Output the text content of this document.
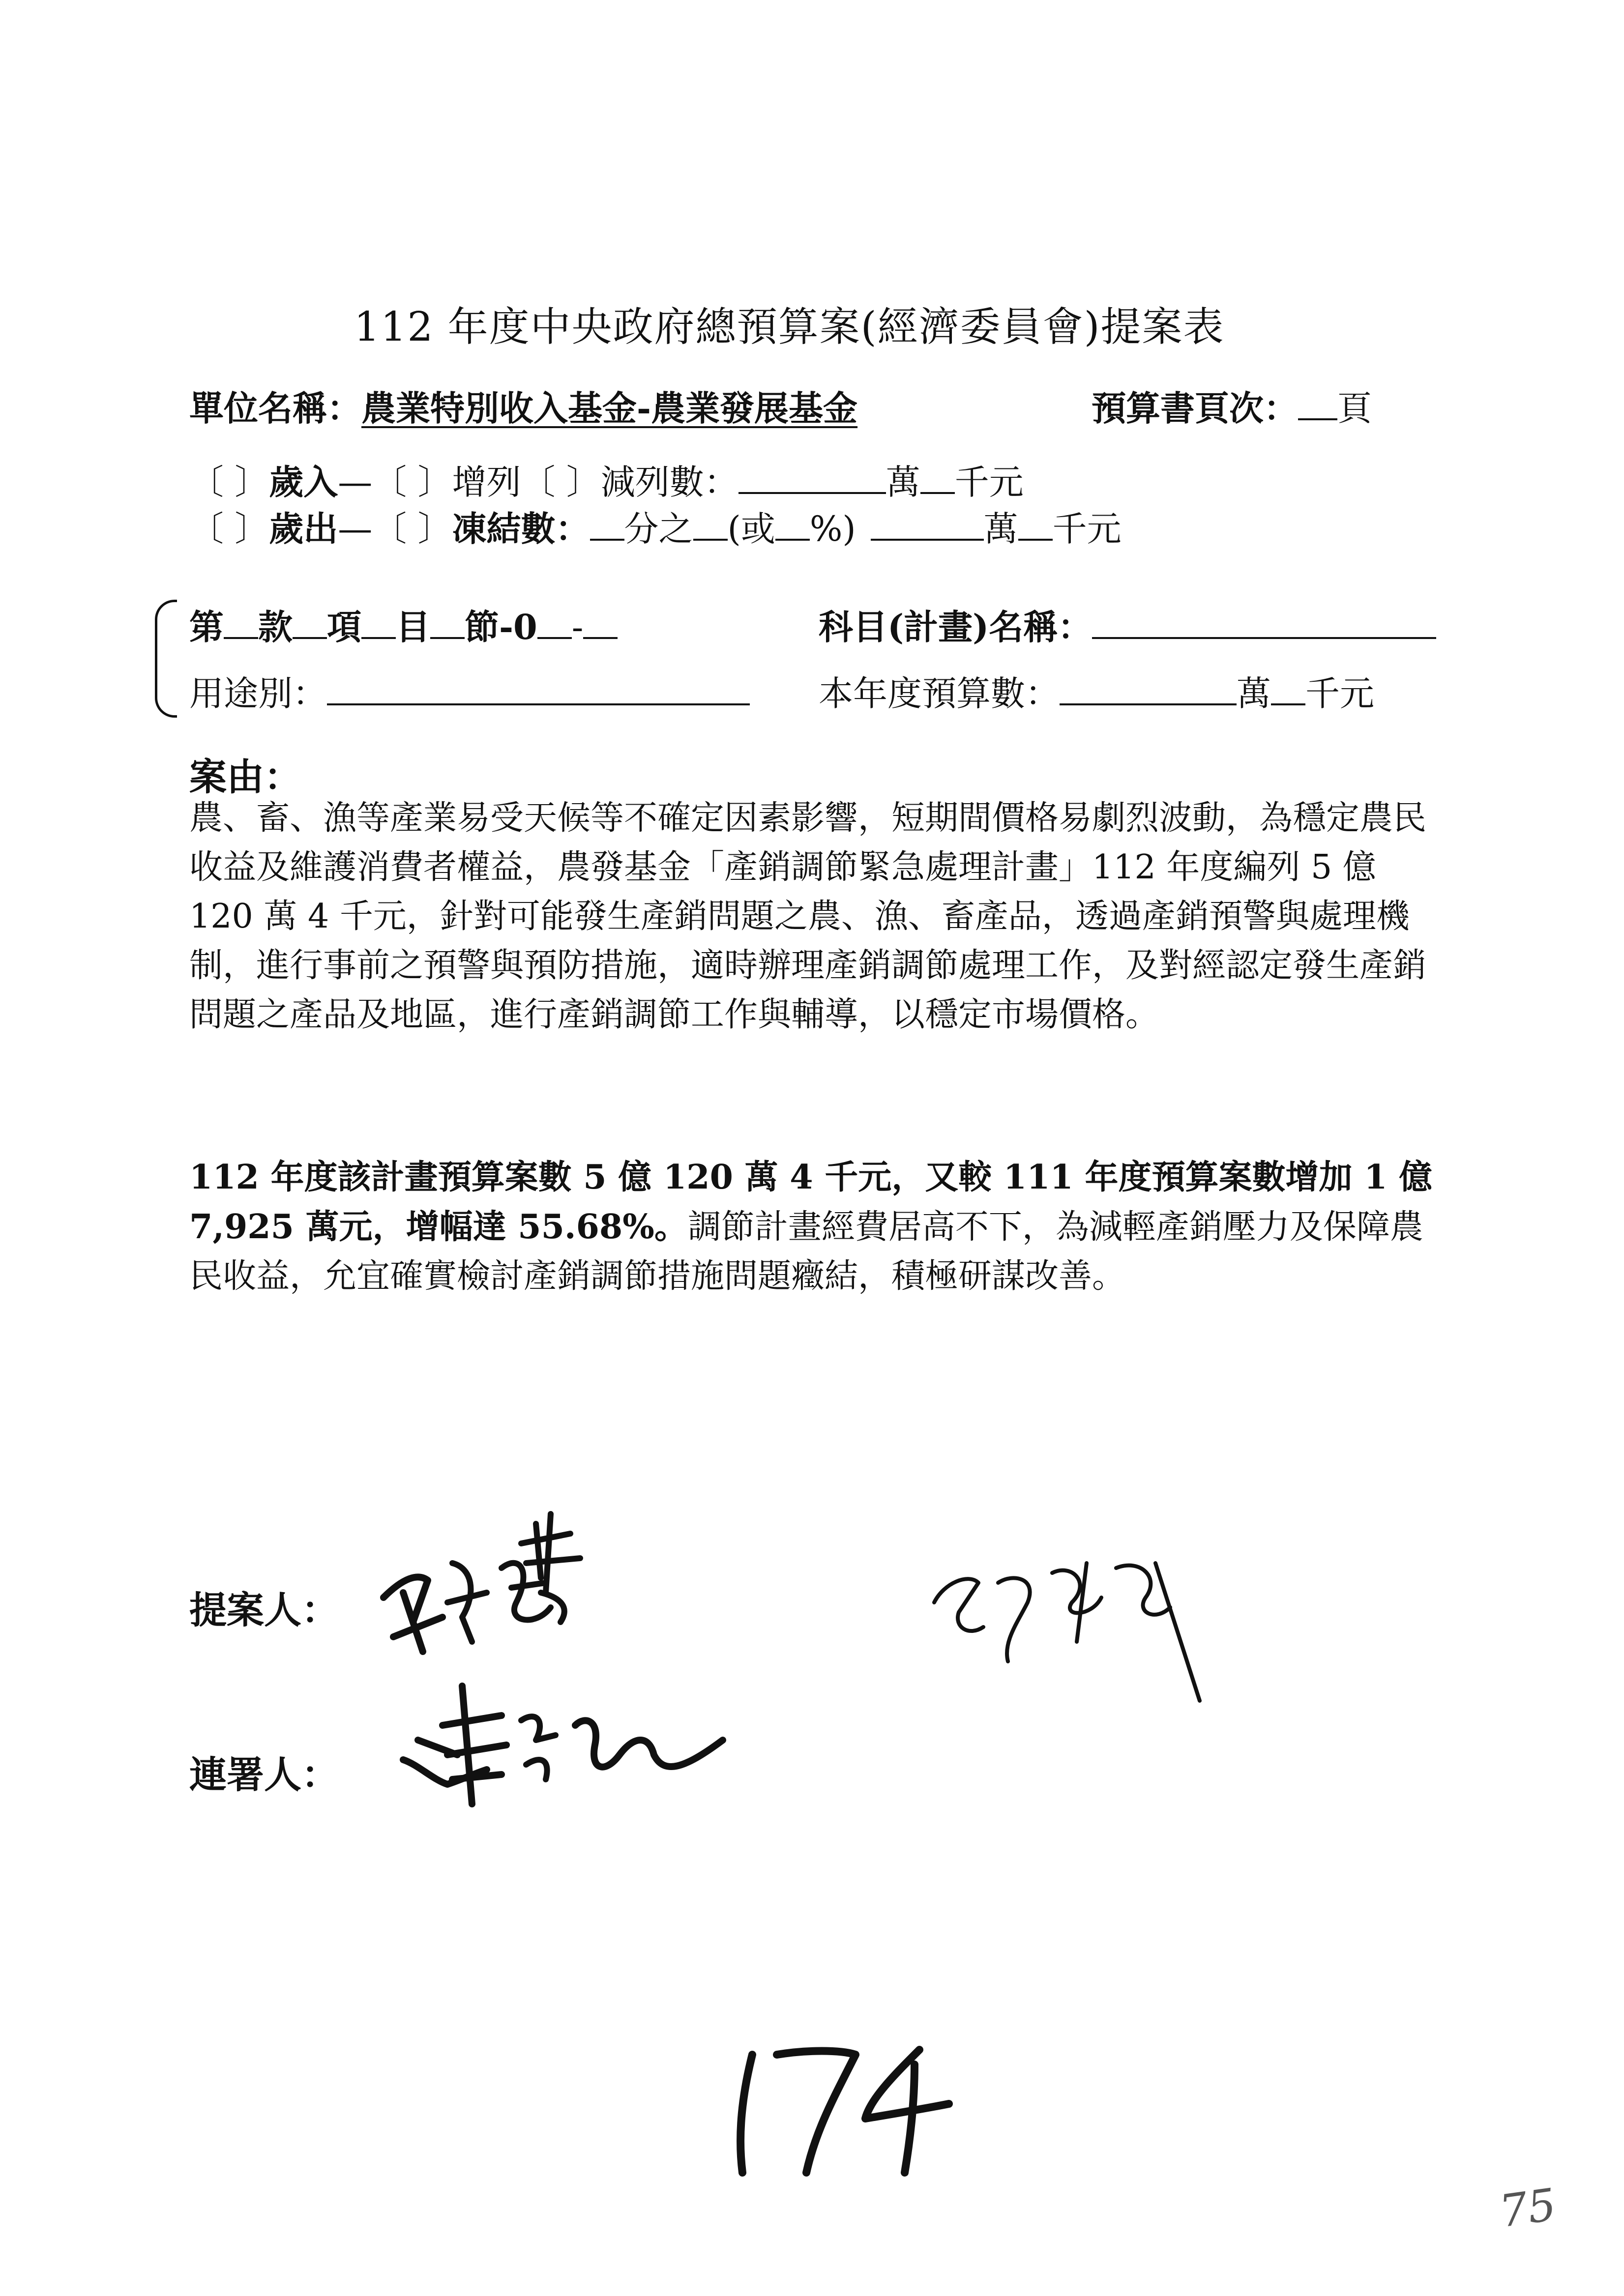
112 年度中央政府總預算案(經濟委員會)提案表
單位名稱：農業特別收入基金-農業發展基金	預算書頁次： 頁
〔 〕歲入—〔 〕增列〔 〕減列數：	萬 千元
〔 〕歲出—〔 〕凍結數： 分之 (或 %)	萬 千元
第 款 項 目 節-0 -	科目(計畫)名稱：
用途別：	本年度預算數：	萬 千元
案由：
農、畜、漁等產業易受天候等不確定因素影響，短期間價格易劇烈波動，為穩定農民收益及維護消費者權益，農發基金「產銷調節緊急處理計畫」112 年度編列 5 億 120 萬 4 千元，針對可能發生產銷問題之農、漁、畜產品，透過產銷預警與處理機制，進行事前之預警與預防措施，適時辦理產銷調節處理工作，及對經認定發生產銷問題之產品及地區，進行產銷調節工作與輔導，以穩定市場價格。
112 年度該計畫預算案數 5 億 120 萬 4 千元，又較 111 年度預算案數增加 1 億 7,925 萬元，增幅達 55.68%。調節計畫經費居高不下，為減輕產銷壓力及保障農民收益，允宜確實檢討產銷調節措施問題癥結，積極研謀改善。
提案人：
連署人：
75
